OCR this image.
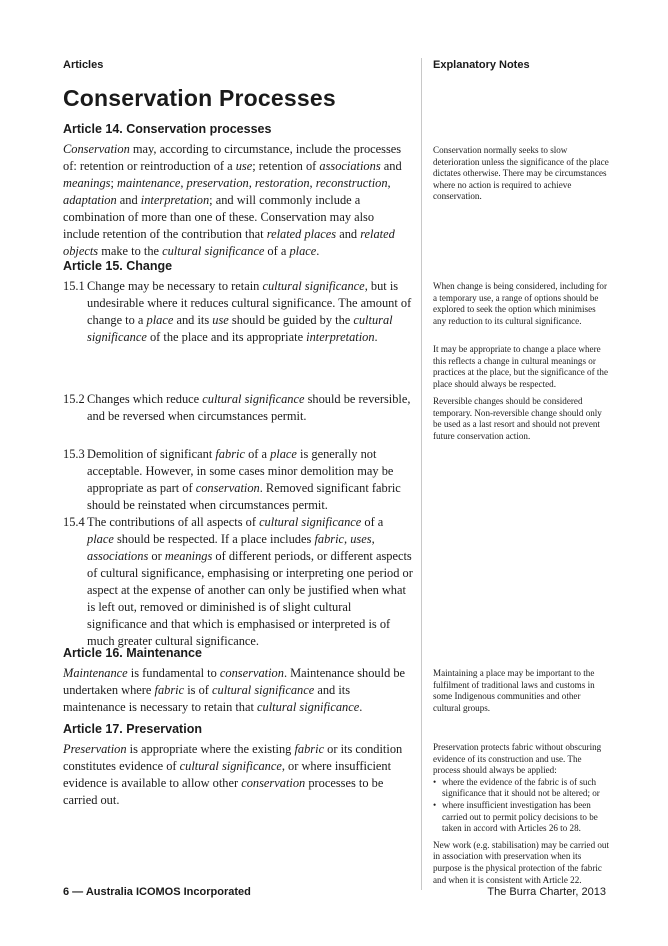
Articles	Explanatory Notes
Conservation Processes
Article 14. Conservation processes
Conservation may, according to circumstance, include the processes of: retention or reintroduction of a use; retention of associations and meanings; maintenance, preservation, restoration, reconstruction, adaptation and interpretation; and will commonly include a combination of more than one of these. Conservation may also include retention of the contribution that related places and related objects make to the cultural significance of a place.
Conservation normally seeks to slow deterioration unless the significance of the place dictates otherwise. There may be circumstances where no action is required to achieve conservation.
Article 15. Change
15.1 Change may be necessary to retain cultural significance, but is undesirable where it reduces cultural significance. The amount of change to a place and its use should be guided by the cultural significance of the place and its appropriate interpretation.
15.2 Changes which reduce cultural significance should be reversible, and be reversed when circumstances permit.
15.3 Demolition of significant fabric of a place is generally not acceptable. However, in some cases minor demolition may be appropriate as part of conservation. Removed significant fabric should be reinstated when circumstances permit.
15.4 The contributions of all aspects of cultural significance of a place should be respected. If a place includes fabric, uses, associations or meanings of different periods, or different aspects of cultural significance, emphasising or interpreting one period or aspect at the expense of another can only be justified when what is left out, removed or diminished is of slight cultural significance and that which is emphasised or interpreted is of much greater cultural significance.
When change is being considered, including for a temporary use, a range of options should be explored to seek the option which minimises any reduction to its cultural significance.
It may be appropriate to change a place where this reflects a change in cultural meanings or practices at the place, but the significance of the place should always be respected.
Reversible changes should be considered temporary. Non-reversible change should only be used as a last resort and should not prevent future conservation action.
Article 16. Maintenance
Maintenance is fundamental to conservation. Maintenance should be undertaken where fabric is of cultural significance and its maintenance is necessary to retain that cultural significance.
Maintaining a place may be important to the fulfilment of traditional laws and customs in some Indigenous communities and other cultural groups.
Article 17. Preservation
Preservation is appropriate where the existing fabric or its condition constitutes evidence of cultural significance, or where insufficient evidence is available to allow other conservation processes to be carried out.
Preservation protects fabric without obscuring evidence of its construction and use. The process should always be applied:
• where the evidence of the fabric is of such significance that it should not be altered; or
• where insufficient investigation has been carried out to permit policy decisions to be taken in accord with Articles 26 to 28.
New work (e.g. stabilisation) may be carried out in association with preservation when its purpose is the physical protection of the fabric and when it is consistent with Article 22.
6 — Australia ICOMOS Incorporated	The Burra Charter, 2013
